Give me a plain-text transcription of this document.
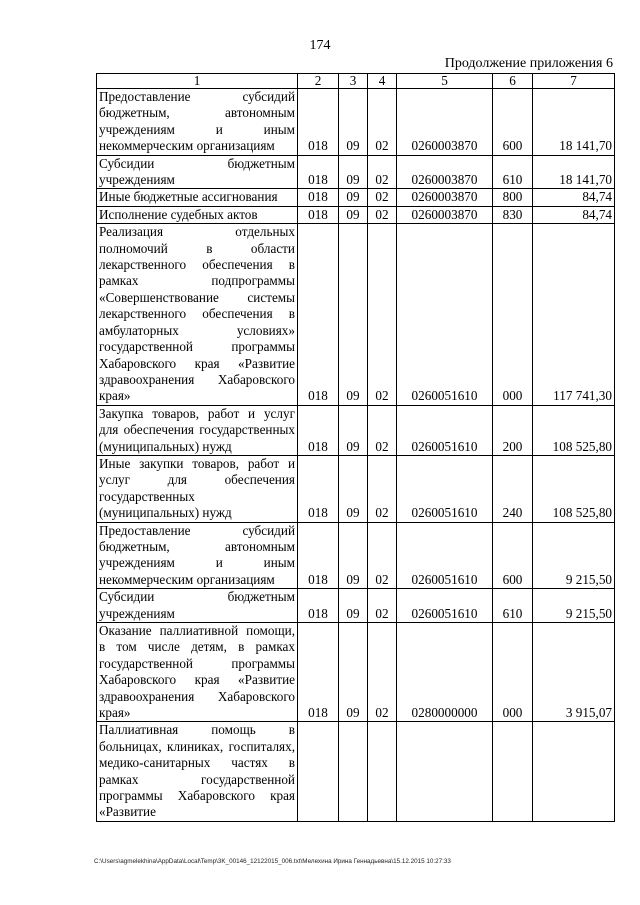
174
Продолжение приложения 6
1	2	3	4	5	6	7
Предоставление субсидий бюджетным, автономным учреждениям и иным некоммерческим организациям	018	09	02	0260003870	600	18 141,70
Субсидии бюджетным учреждениям	018	09	02	0260003870	610	18 141,70
Иные бюджетные ассигнования	018	09	02	0260003870	800	84,74
Исполнение судебных актов	018	09	02	0260003870	830	84,74
Реализация отдельных полномочий в области лекарственного обеспечения в рамках подпрограммы «Совершенствование системы лекарственного обеспечения в амбулаторных условиях» государственной программы Хабаровского края «Развитие здравоохранения Хабаровского края»	018	09	02	0260051610	000	117 741,30
Закупка товаров, работ и услуг для обеспечения государственных (муниципальных) нужд	018	09	02	0260051610	200	108 525,80
Иные закупки товаров, работ и услуг для обеспечения государственных (муниципальных) нужд	018	09	02	0260051610	240	108 525,80
Предоставление субсидий бюджетным, автономным учреждениям и иным некоммерческим организациям	018	09	02	0260051610	600	9 215,50
Субсидии бюджетным учреждениям	018	09	02	0260051610	610	9 215,50
Оказание паллиативной помощи, в том числе детям, в рамках государственной программы Хабаровского края «Развитие здравоохранения Хабаровского края»	018	09	02	0280000000	000	3 915,07
Паллиативная помощь в больницах, клиниках, госпиталях, медико-санитарных частях в рамках государственной программы Хабаровского края «Развитие						
C:\Users\agmelekhina\AppData\Local\Temp\3K_00146_12122015_006.txt\Мелехина Ирина Геннадьевна\15.12.2015 10:27:33
